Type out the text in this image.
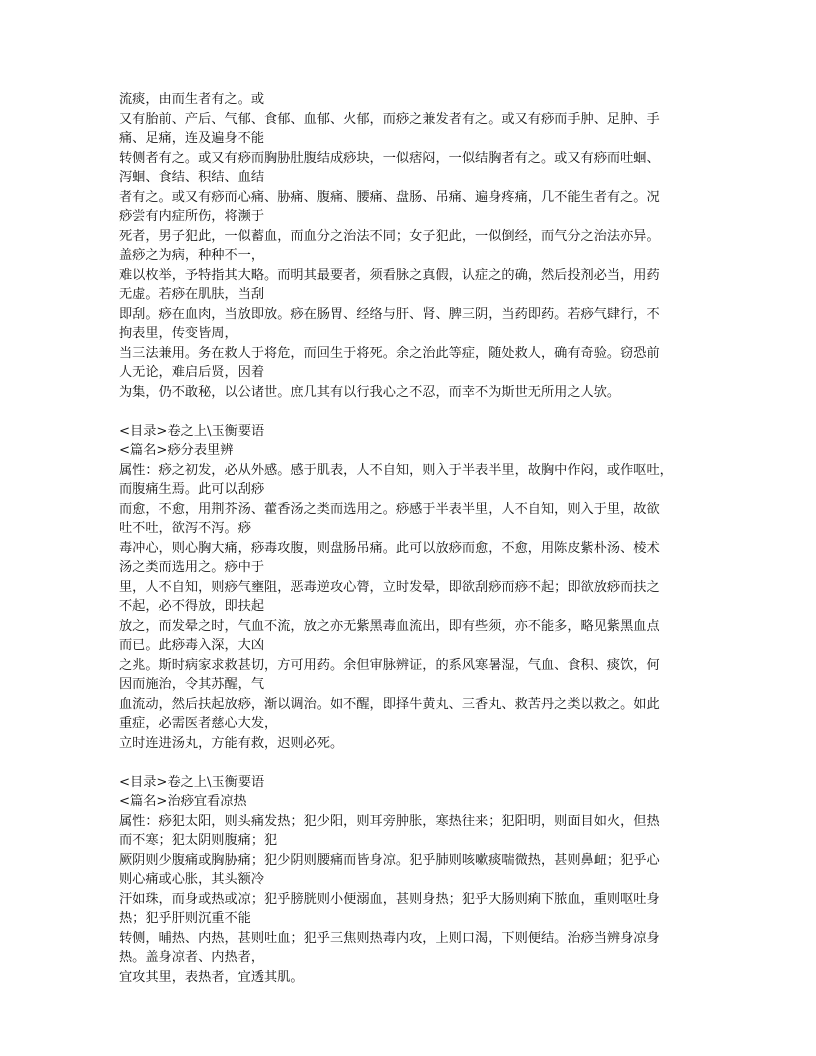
流痰，由而生者有之。或
又有胎前、产后、气郁、食郁、血郁、火郁，而痧之兼发者有之。或又有痧而手肿、足肿、手
痛、足痛，连及遍身不能
转侧者有之。或又有痧而胸胁肚腹结成痧块，一似痞闷，一似结胸者有之。或又有痧而吐蛔、
泻蛔、食结、积结、血结
者有之。或又有痧而心痛、胁痛、腹痛、腰痛、盘肠、吊痛、遍身疼痛，几不能生者有之。况
痧尝有内症所伤，将濒于
死者，男子犯此，一似蓄血，而血分之治法不同；女子犯此，一似倒经，而气分之治法亦异。
盖痧之为病，种种不一，
难以枚举，予特指其大略。而明其最要者，须看脉之真假，认症之的确，然后投剂必当，用药
无虚。若痧在肌肤，当刮
即刮。痧在血肉，当放即放。痧在肠胃、经络与肝、肾、脾三阴，当药即药。若痧气肆行，不
拘表里，传变皆周，
当三法兼用。务在救人于将危，而回生于将死。余之治此等症，随处救人，确有奇验。窃恐前
人无论，难启后贤，因着
为集，仍不敢秘，以公诸世。庶几其有以行我心之不忍，而幸不为斯世无所用之人欤。
<目录>卷之上\玉衡要语
<篇名>痧分表里辨
属性：痧之初发，必从外感。感于肌表，人不自知，则入于半表半里，故胸中作闷，或作呕吐，
而腹痛生焉。此可以刮痧
而愈，不愈，用荆芥汤、藿香汤之类而选用之。痧感于半表半里，人不自知，则入于里，故欲
吐不吐，欲泻不泻。痧
毒冲心，则心胸大痛，痧毒攻腹，则盘肠吊痛。此可以放痧而愈，不愈，用陈皮紫朴汤、棱术
汤之类而选用之。痧中于
里，人不自知，则痧气壅阻，恶毒逆攻心膂，立时发晕，即欲刮痧而痧不起；即欲放痧而扶之
不起，必不得放，即扶起
放之，而发晕之时，气血不流，放之亦无紫黑毒血流出，即有些须，亦不能多，略见紫黑血点
而已。此痧毒入深，大凶
之兆。斯时病家求救甚切，方可用药。余但审脉辨证，的系风寒暑湿，气血、食积、痰饮，何
因而施治，令其苏醒，气
血流动，然后扶起放痧，渐以调治。如不醒，即择牛黄丸、三香丸、救苦丹之类以救之。如此
重症，必需医者慈心大发，
立时连进汤丸，方能有救，迟则必死。
<目录>卷之上\玉衡要语
<篇名>治痧宜看凉热
属性：痧犯太阳，则头痛发热；犯少阳，则耳旁肿胀，寒热往来；犯阳明，则面目如火，但热
而不寒；犯太阴则腹痛；犯
厥阴则少腹痛或胸胁痛；犯少阴则腰痛而皆身凉。犯乎肺则咳嗽痰喘微热，甚则鼻衄；犯乎心
则心痛或心胀，其头额冷
汗如珠，而身或热或凉；犯乎膀胱则小便溺血，甚则身热；犯乎大肠则痢下脓血，重则呕吐身
热；犯乎肝则沉重不能
转侧，晡热、内热，甚则吐血；犯乎三焦则热毒内攻，上则口渴，下则便结。治痧当辨身凉身
热。盖身凉者、内热者，
宜攻其里，表热者，宜透其肌。
